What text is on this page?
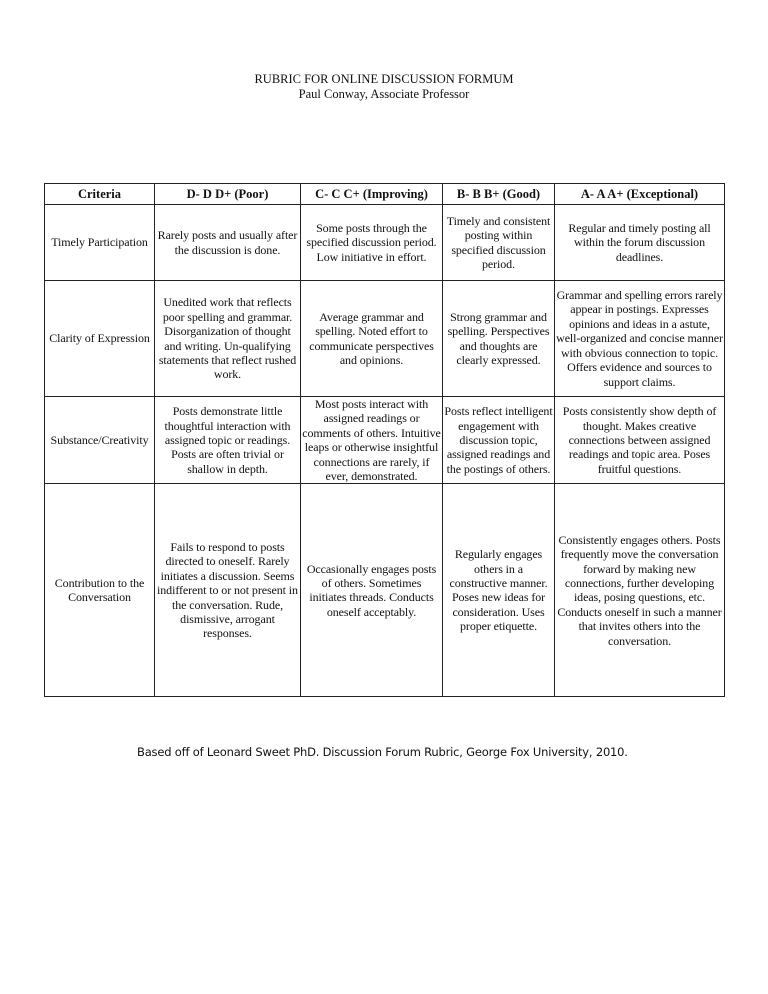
RUBRIC FOR ONLINE DISCUSSION FORMUM
Paul Conway, Associate Professor
Criteria	D- D D+ (Poor)	C- C C+ (Improving)	B- B B+ (Good)	A- A A+ (Exceptional)
Timely Participation	Rarely posts and usually after the discussion is done.	Some posts through the specified discussion period. Low initiative in effort.	Timely and consistent posting within specified discussion period.	Regular and timely posting all within the forum discussion deadlines.
Clarity of Expression	Unedited work that reflects poor spelling and grammar. Disorganization of thought and writing. Un-qualifying statements that reflect rushed work.	Average grammar and spelling. Noted effort to communicate perspectives and opinions.	Strong grammar and spelling. Perspectives and thoughts are clearly expressed.	Grammar and spelling errors rarely appear in postings. Expresses opinions and ideas in a astute, well-organized and concise manner with obvious connection to topic. Offers evidence and sources to support claims.
Substance/Creativity	Posts demonstrate little thoughtful interaction with assigned topic or readings. Posts are often trivial or shallow in depth.	Most posts interact with assigned readings or comments of others. Intuitive leaps or otherwise insightful connections are rarely, if ever, demonstrated.	Posts reflect intelligent engagement with discussion topic, assigned readings and the postings of others.	Posts consistently show depth of thought. Makes creative connections between assigned readings and topic area. Poses fruitful questions.
Contribution to the Conversation	Fails to respond to posts directed to oneself. Rarely initiates a discussion. Seems indifferent to or not present in the conversation. Rude, dismissive, arrogant responses.	Occasionally engages posts of others. Sometimes initiates threads. Conducts oneself acceptably.	Regularly engages others in a constructive manner. Poses new ideas for consideration. Uses proper etiquette.	Consistently engages others. Posts frequently move the conversation forward by making new connections, further developing ideas, posing questions, etc. Conducts oneself in such a manner that invites others into the conversation.
Based off of Leonard Sweet PhD. Discussion Forum Rubric, George Fox University, 2010.
